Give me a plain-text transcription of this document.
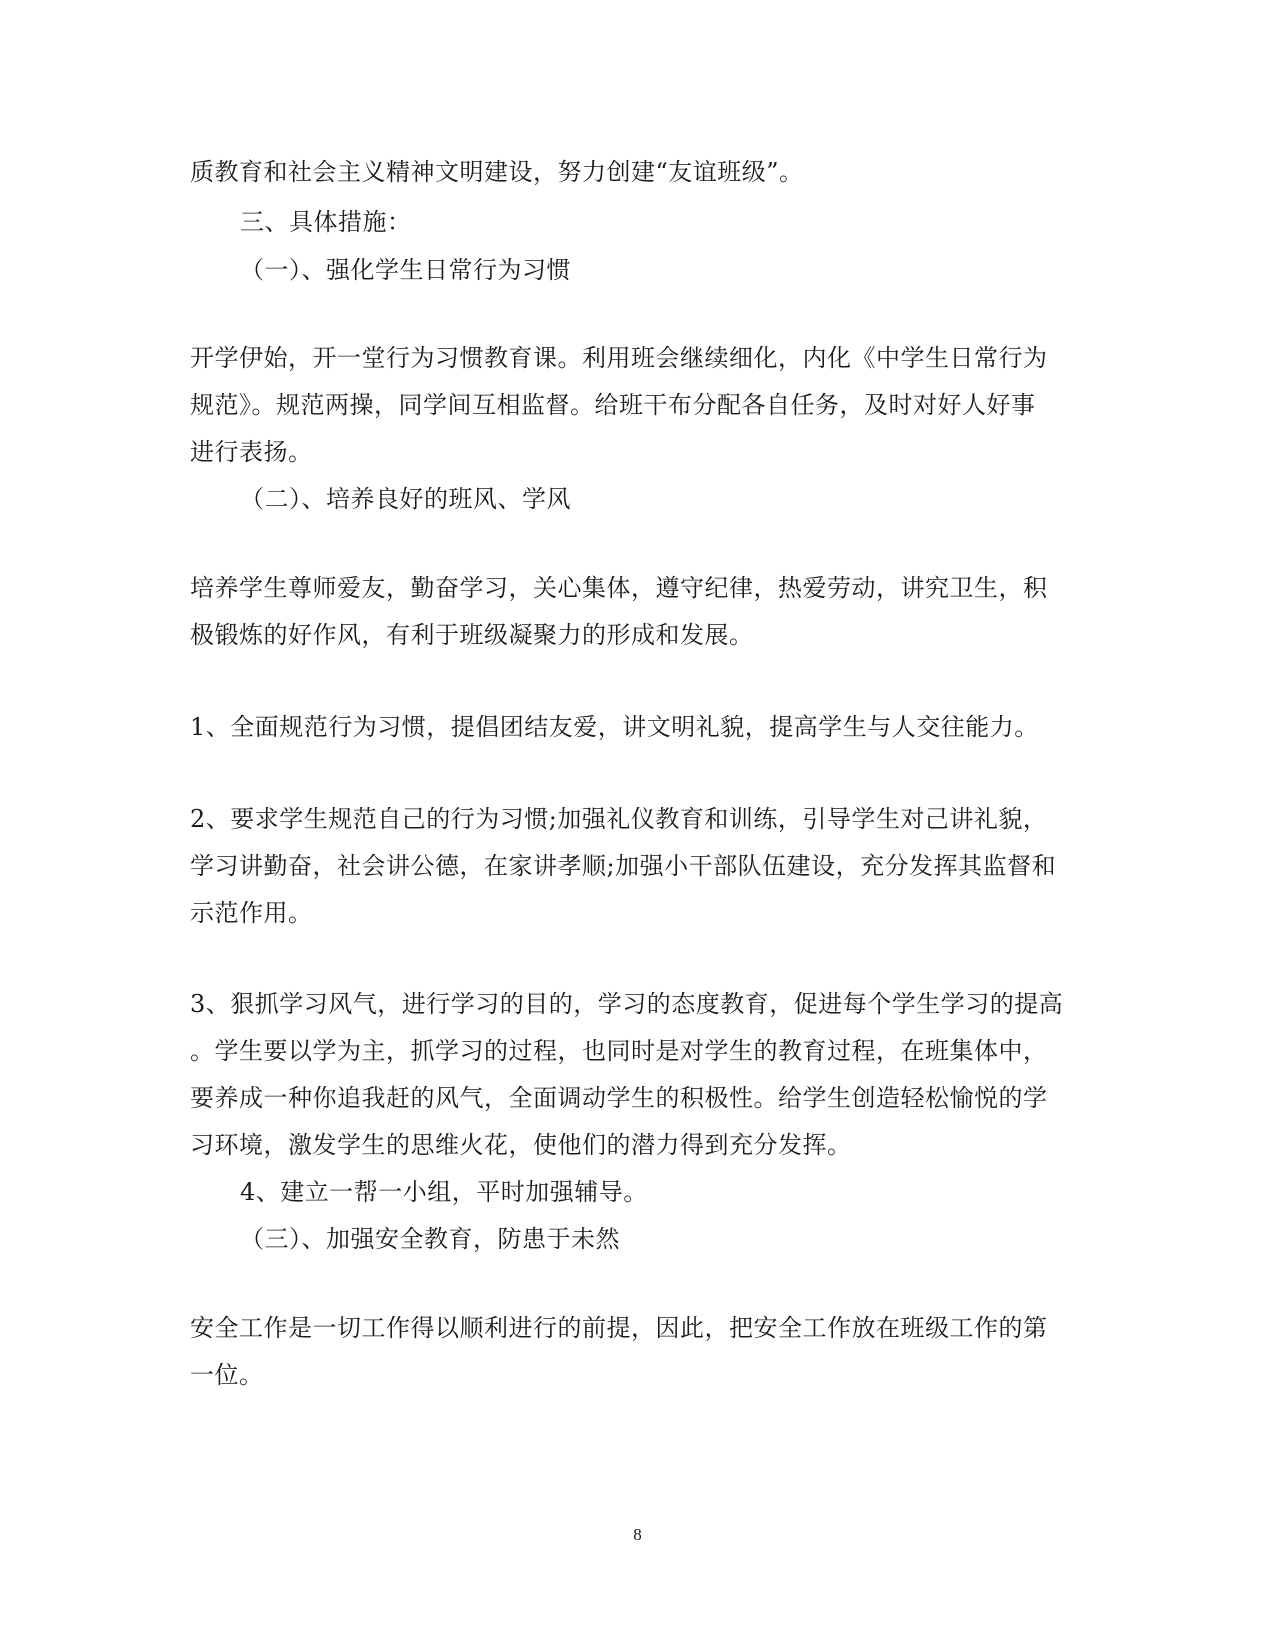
质教育和社会主义精神文明建设，努力创建“友谊班级”。
三、具体措施：
（一）、强化学生日常行为习惯
开学伊始，开一堂行为习惯教育课。利用班会继续细化，内化《中学生日常行为
规范》。规范两操，同学间互相监督。给班干布分配各自任务，及时对好人好事
进行表扬。
（二）、培养良好的班风、学风
培养学生尊师爱友，勤奋学习，关心集体，遵守纪律，热爱劳动，讲究卫生，积
极锻炼的好作风，有利于班级凝聚力的形成和发展。
1、全面规范行为习惯，提倡团结友爱，讲文明礼貌，提高学生与人交往能力。
2、要求学生规范自己的行为习惯;加强礼仪教育和训练，引导学生对己讲礼貌，
学习讲勤奋，社会讲公德，在家讲孝顺;加强小干部队伍建设，充分发挥其监督和
示范作用。
3、狠抓学习风气，进行学习的目的，学习的态度教育，促进每个学生学习的提高
。学生要以学为主，抓学习的过程，也同时是对学生的教育过程，在班集体中，
要养成一种你追我赶的风气，全面调动学生的积极性。给学生创造轻松愉悦的学
习环境，激发学生的思维火花，使他们的潜力得到充分发挥。
4、建立一帮一小组，平时加强辅导。
（三）、加强安全教育，防患于未然
安全工作是一切工作得以顺利进行的前提，因此，把安全工作放在班级工作的第
一位。
8
